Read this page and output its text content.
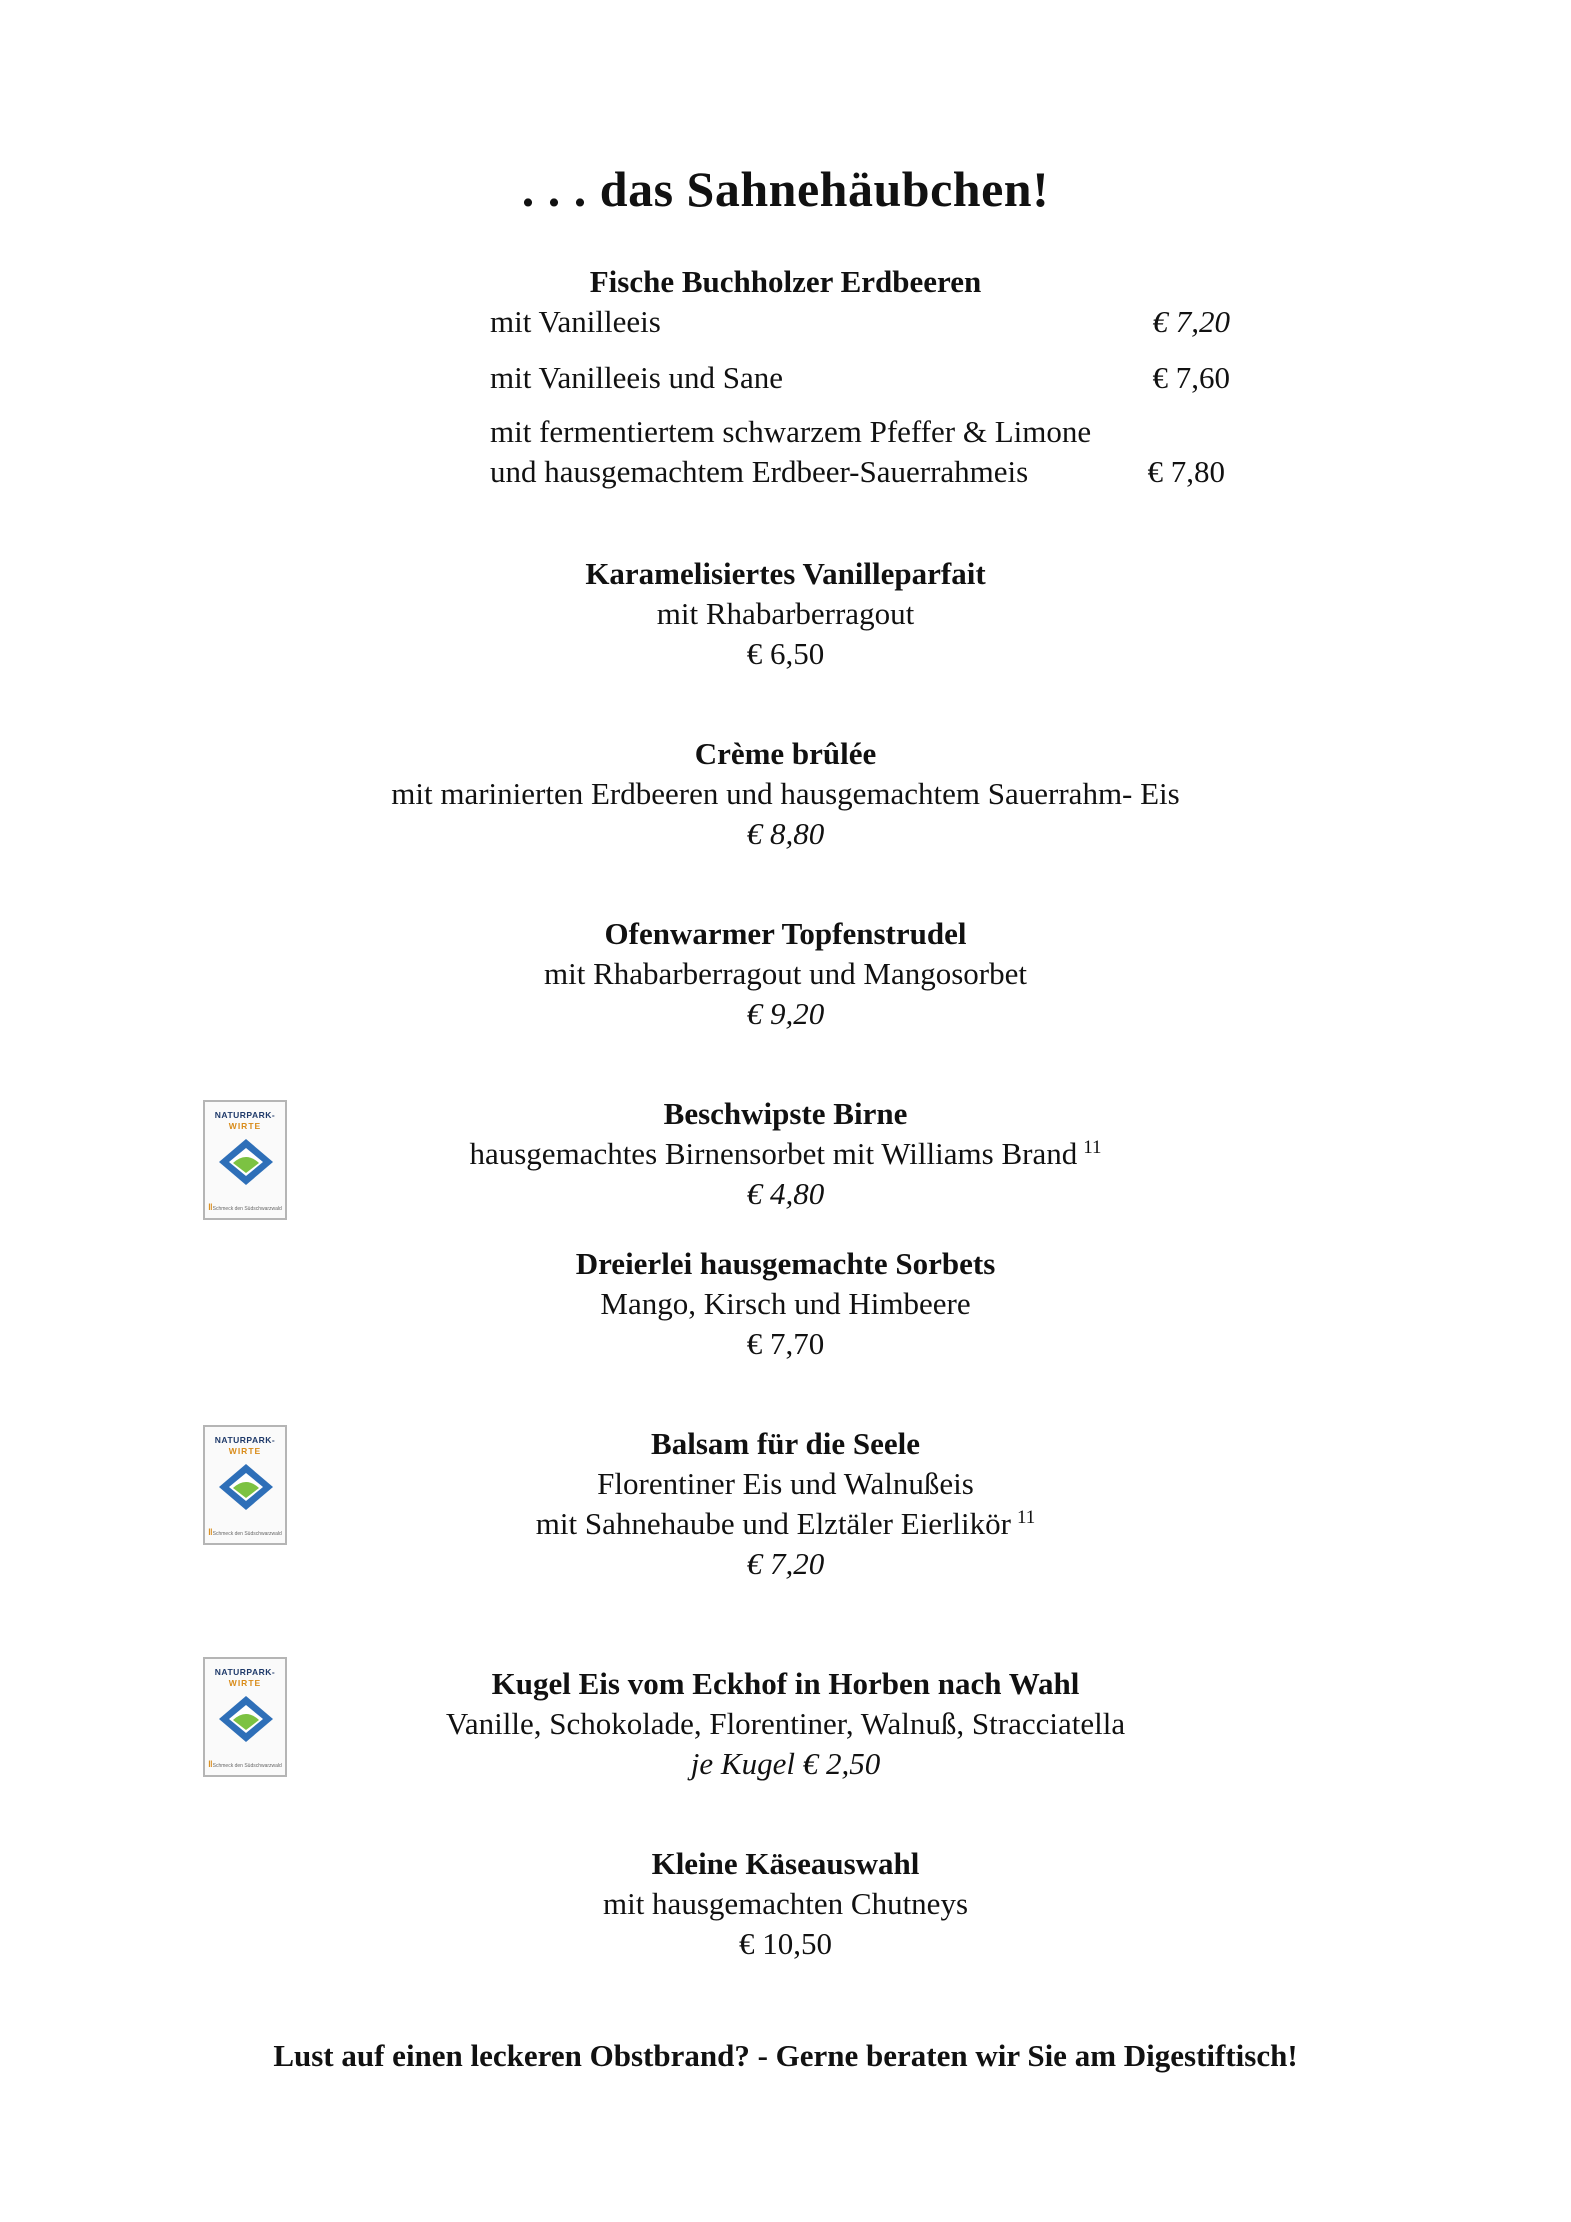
. . . das Sahnehäubchen!
Fische Buchholzer Erdbeeren
mit Vanilleeis	€ 7,20
mit Vanilleeis und Sane	€ 7,60
mit fermentiertem schwarzem Pfeffer & Limone
und hausgemachtem Erdbeer-Sauerrahmeis	€ 7,80
Karamelisiertes Vanilleparfait
mit Rhabarberragout
€ 6,50
Crème brûlée
mit marinierten Erdbeeren und hausgemachtem Sauerrahm- Eis
€ 8,80
Ofenwarmer Topfenstrudel
mit Rhabarberragout und Mangosorbet
€ 9,20
NATURPARK-
WIRTE
‖Schmeck den Südschwarzwald
Beschwipste Birne
hausgemachtes Birnensorbet mit Williams Brand $^{11}$
€ 4,80
Dreierlei hausgemachte Sorbets
Mango, Kirsch und Himbeere
€ 7,70
NATURPARK-
WIRTE
‖Schmeck den Südschwarzwald
Balsam für die Seele
Florentiner Eis und Walnußeis
mit Sahnehaube und Elztäler Eierlikör $^{11}$
€ 7,20
NATURPARK-
WIRTE
‖Schmeck den Südschwarzwald
Kugel Eis vom Eckhof in Horben nach Wahl
Vanille, Schokolade, Florentiner, Walnuß, Stracciatella
je Kugel € 2,50
Kleine Käseauswahl
mit hausgemachten Chutneys
€ 10,50
Lust auf einen leckeren Obstbrand? - Gerne beraten wir Sie am Digestiftisch!
